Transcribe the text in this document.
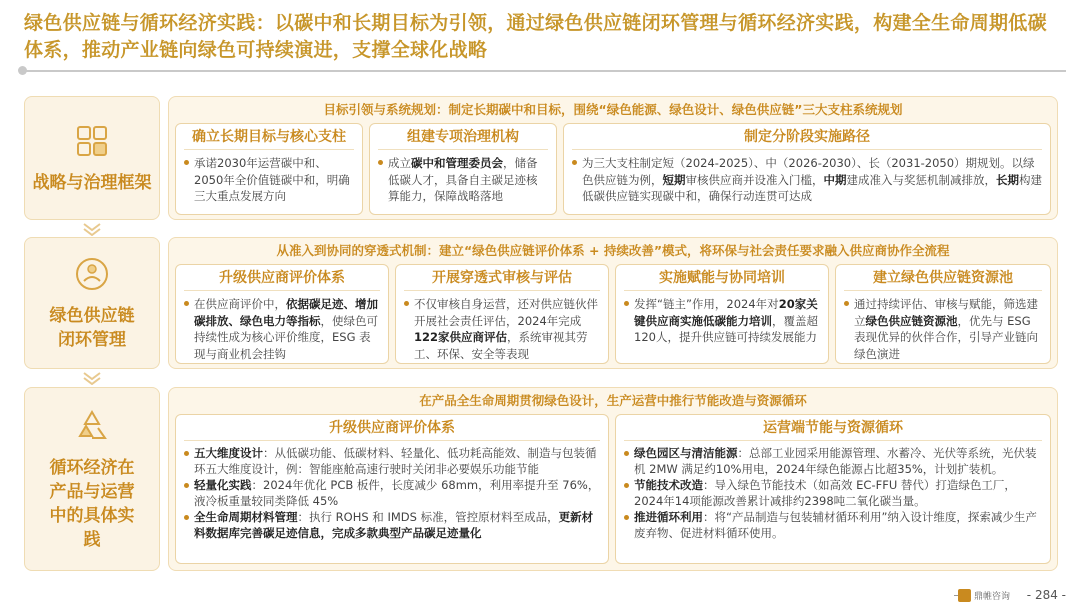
绿色供应链与循环经济实践：以碳中和长期目标为引领，通过绿色供应链闭环管理与循环经济实践，构建全生命周期低碳体系，推动产业链向绿色可持续演进，支撑全球化战略
战略与治理框架
目标引领与系统规划：制定长期碳中和目标，围绕“绿色能源、绿色设计、绿色供应链”三大支柱系统规划
确立长期目标与核心支柱
承诺2030年运营碳中和、2050年全价值链碳中和，明确三大重点发展方向
组建专项治理机构
成立碳中和管理委员会，储备低碳人才，具备自主碳足迹核算能力，保障战略落地
制定分阶段实施路径
为三大支柱制定短（2024-2025）、中（2026-2030）、长（2031-2050）期规划。以绿色供应链为例，短期审核供应商并设准入门槛，中期建成准入与奖惩机制减排放，长期构建低碳供应链实现碳中和，确保行动连贯可达成
绿色供应链闭环管理
从准入到协同的穿透式机制：建立“绿色供应链评价体系 + 持续改善”模式，将环保与社会责任要求融入供应商协作全流程
升级供应商评价体系
在供应商评价中，依据碳足迹、增加碳排放、绿色电力等指标，使绿色可持续性成为核心评价维度，ESG 表现与商业机会挂钩
开展穿透式审核与评估
不仅审核自身运营，还对供应链伙伴开展社会责任评估，2024年完成122家供应商评估，系统审视其劳工、环保、安全等表现
实施赋能与协同培训
发挥“链主”作用，2024年对20家关键供应商实施低碳能力培训，覆盖超120人，提升供应链可持续发展能力
建立绿色供应链资源池
通过持续评估、审核与赋能，筛选建立绿色供应链资源池，优先与 ESG 表现优异的伙伴合作，引导产业链向绿色演进
循环经济在产品与运营中的具体实践
在产品全生命周期贯彻绿色设计，生产运营中推行节能改造与资源循环
升级供应商评价体系
五大维度设计：从低碳功能、低碳材料、轻量化、低功耗高能效、制造与包装循环五大维度设计，例：智能座舱高速行驶时关闭非必要娱乐功能节能
轻量化实践：2024年优化 PCB 板件，长度减少 68mm，利用率提升至 76%，液冷板重量较同类降低 45%
全生命周期材料管理：执行 ROHS 和 IMDS 标准，管控原材料至成品，更新材料数据库完善碳足迹信息，完成多款典型产品碳足迹量化
运营端节能与资源循环
绿色园区与清洁能源：总部工业园采用能源管理、水蓄冷、光伏等系统，光伏装机 2MW 满足约10%用电，2024年绿色能源占比超35%，计划扩装机。
节能技术改造：导入绿色节能技术（如高效 EC-FFU 替代）打造绿色工厂，2024年14项能源改善累计减排约2398吨二氧化碳当量。
推进循环利用：将“产品制造与包装辅材循环利用”纳入设计维度，探索减少生产废弃物、促进材料循环使用。
鼎帷咨询 - 284 -
